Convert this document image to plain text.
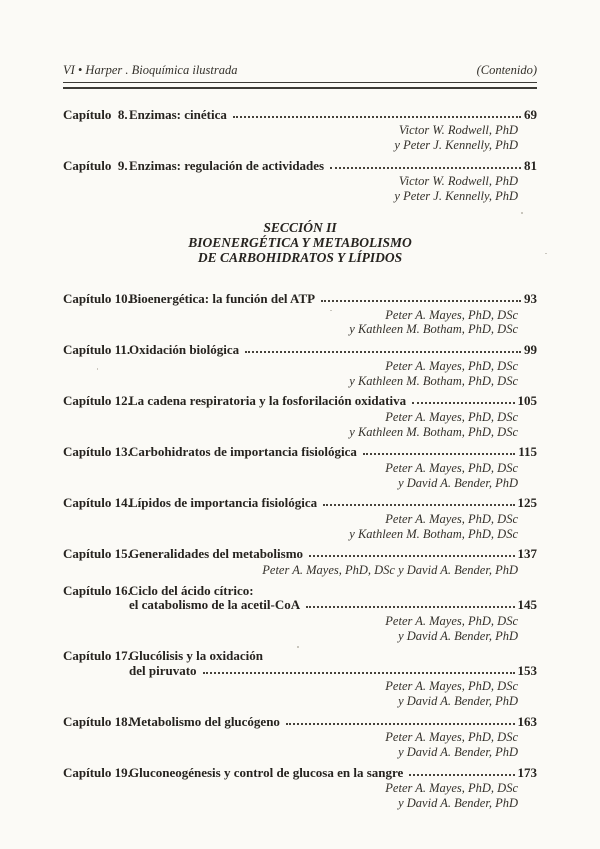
VI • Harper . Bioquímica ilustrada	(Contenido)
Capítulo  8. Enzimas: cinética	69
Victor W. Rodwell, PhD
y Peter J. Kennelly, PhD
Capítulo  9. Enzimas: regulación de actividades	81
Victor W. Rodwell, PhD
y Peter J. Kennelly, PhD
SECCIÓN II
BIOENERGÉTICA Y METABOLISMO
DE CARBOHIDRATOS Y LÍPIDOS
Capítulo 10.
Bioenergética: la función del ATP	93
Peter A. Mayes, PhD, DSc
y Kathleen M. Botham, PhD, DSc
Capítulo 11.
Oxidación biológica	99
Peter A. Mayes, PhD, DSc
y Kathleen M. Botham, PhD, DSc
Capítulo 12.
La cadena respiratoria y la fosforilación oxidativa	105
Peter A. Mayes, PhD, DSc
y Kathleen M. Botham, PhD, DSc
Capítulo 13.
Carbohidratos de importancia fisiológica	115
Peter A. Mayes, PhD, DSc
y David A. Bender, PhD
Capítulo 14.
Lípidos de importancia fisiológica	125
Peter A. Mayes, PhD, DSc
y Kathleen M. Botham, PhD, DSc
Capítulo 15.
Generalidades del metabolismo	137
Peter A. Mayes, PhD, DSc y David A. Bender, PhD
Capítulo 16.
Ciclo del ácido cítrico:
el catabolismo de la acetil-CoA	145
Peter A. Mayes, PhD, DSc
y David A. Bender, PhD
Capítulo 17.
Glucólisis y la oxidación
del piruvato	153
Peter A. Mayes, PhD, DSc
y David A. Bender, PhD
Capítulo 18.
Metabolismo del glucógeno	163
Peter A. Mayes, PhD, DSc
y David A. Bender, PhD
Capítulo 19.
Gluconeogénesis y control de glucosa en la sangre	173
Peter A. Mayes, PhD, DSc
y David A. Bender, PhD
